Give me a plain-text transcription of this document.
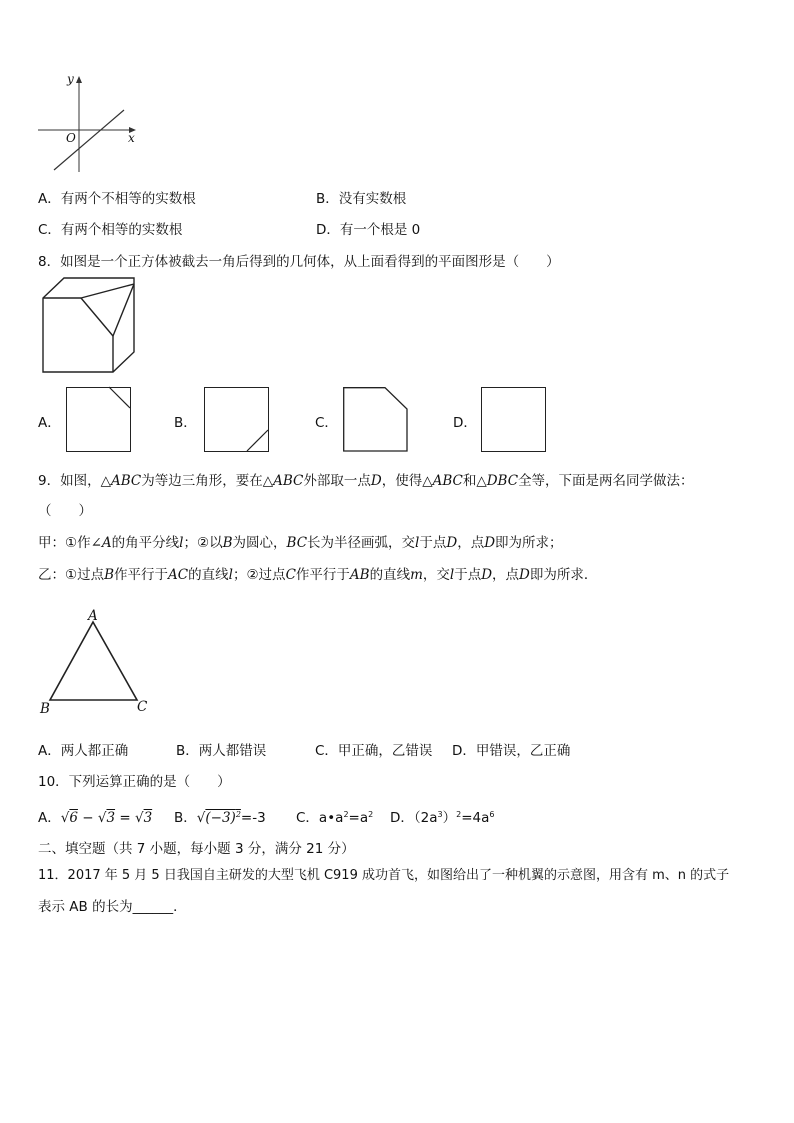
y
x
O
A．有两个不相等的实数根	B．没有实数根
C．有两个相等的实数根	D．有一个根是 0
8．如图是一个正方体被截去一角后得到的几何体，从上面看得到的平面图形是（　　）
A．	B．	C．	D．
9．如图，△ABC为等边三角形，要在△ABC外部取一点D，使得△ABC和△DBC全等，下面是两名同学做法：
（　　）
甲：①作∠A的角平分线l；②以B为圆心，BC长为半径画弧，交l于点D，点D即为所求；
乙：①过点B作平行于AC的直线l；②过点C作平行于AB的直线m，交l于点D，点D即为所求．
A
B	C
A．两人都正确	B．两人都错误	C．甲正确，乙错误 D．甲错误，乙正确
10．下列运算正确的是（　　）
A．√6 − √3 = √3 B．$√(-3)^2=-3$ C．$a•a^2=a^2$ D．$(2a^3)^2=4a^6$
二、填空题（共 7 小题，每小题 3 分，满分 21 分）
11．2017 年 5 月 5 日我国自主研发的大型飞机 C919 成功首飞，如图给出了一种机翼的示意图，用含有 m、n 的式子
表示 AB 的长为______．
